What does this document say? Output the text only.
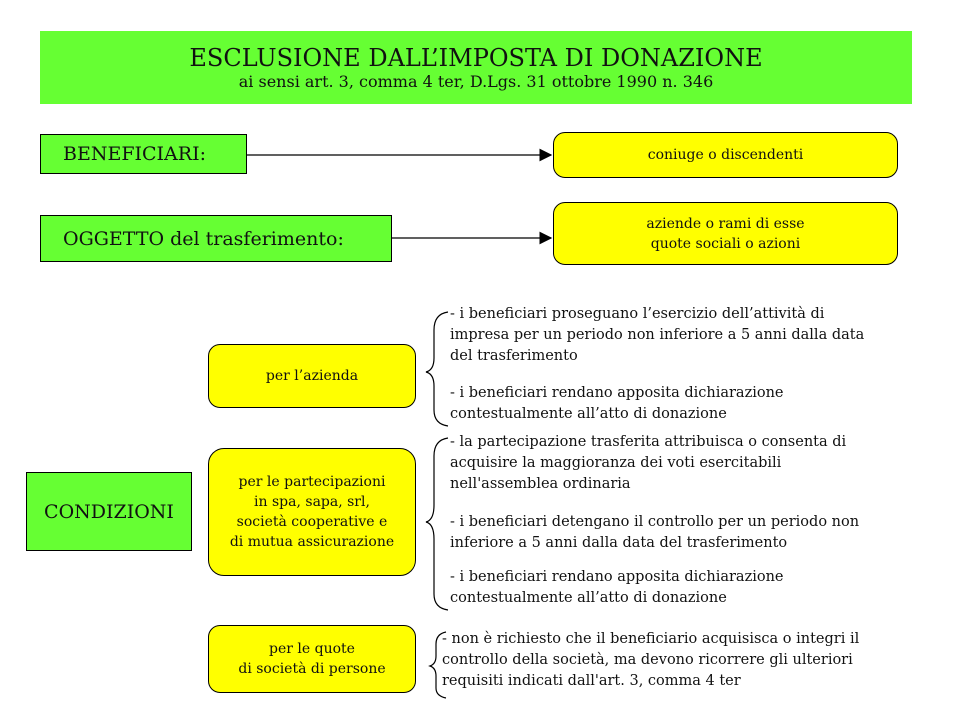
ESCLUSIONE DALL’IMPOSTA DI DONAZIONE
ai sensi art. 3, comma 4 ter, D.Lgs. 31 ottobre 1990 n. 346
BENEFICIARI:	coniuge o discendenti
OGGETTO del trasferimento:
aziende o rami di esse
quote sociali o azioni
CONDIZIONI
per l’azienda
- i beneficiari proseguano l’esercizio dell’attività di
impresa per un periodo non inferiore a 5 anni dalla data
del trasferimento
- i beneficiari rendano apposita dichiarazione
contestualmente all’atto di donazione
per le partecipazioni
in spa, sapa, srl,
società cooperative e
di mutua assicurazione
- la partecipazione trasferita attribuisca o consenta di
acquisire la maggioranza dei voti esercitabili
nell'assemblea ordinaria
- i beneficiari detengano il controllo per un periodo non
inferiore a 5 anni dalla data del trasferimento
- i beneficiari rendano apposita dichiarazione
contestualmente all’atto di donazione
per le quote
di società di persone
- non è richiesto che il beneficiario acquisisca o integri il
controllo della società, ma devono ricorrere gli ulteriori
requisiti indicati dall'art. 3, comma 4 ter
